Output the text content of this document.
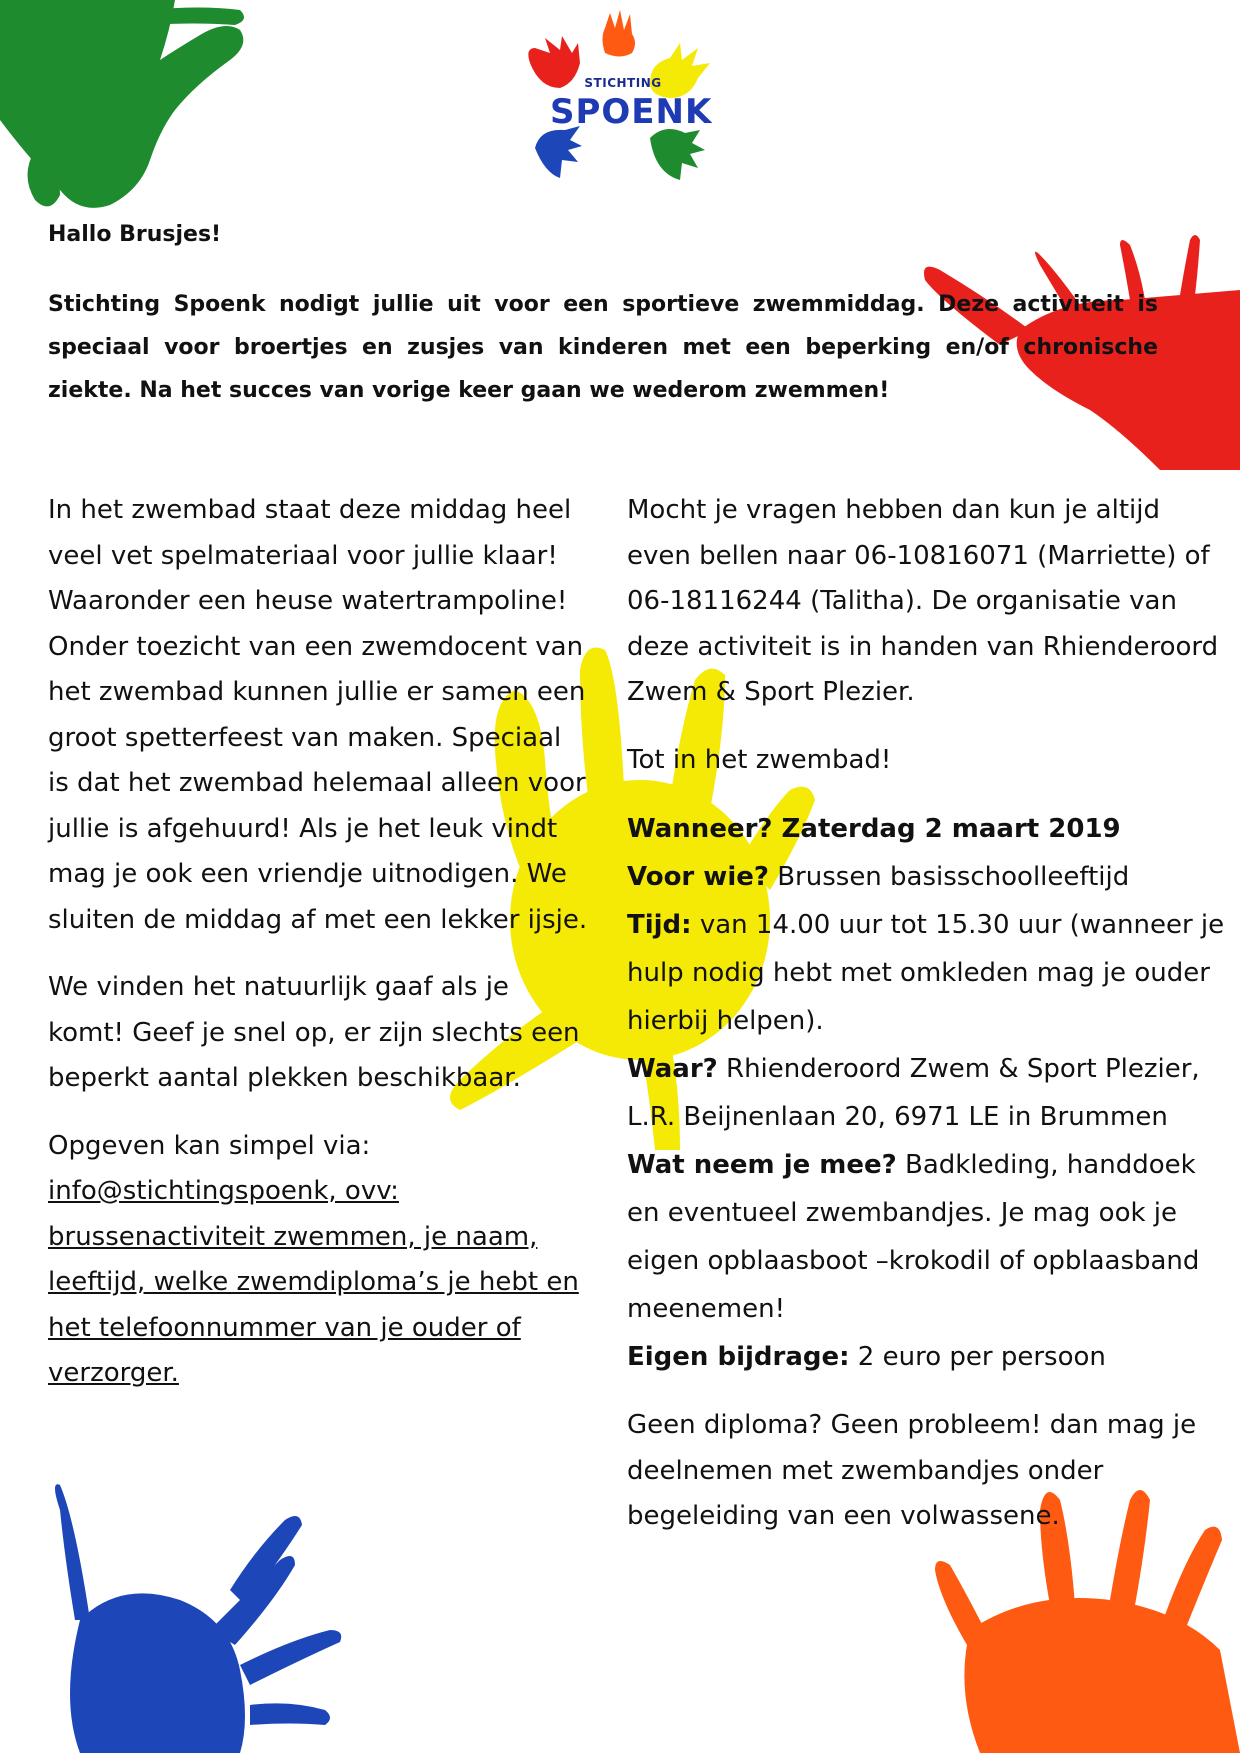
STICHTING
SPOENK
Hallo Brusjes!

Stichting Spoenk nodigt jullie uit voor een sportieve zwemmiddag. Deze activiteit is speciaal voor broertjes en zusjes van kinderen met een beperking en/of chronische ziekte. Na het succes van vorige keer gaan we wederom zwemmen!

In het zwembad staat deze middag heel veel vet spelmateriaal voor jullie klaar! Waaronder een heuse watertrampoline! Onder toezicht van een zwemdocent van het zwembad kunnen jullie er samen een groot spetterfeest van maken. Speciaal is dat het zwembad helemaal alleen voor jullie is afgehuurd! Als je het leuk vindt mag je ook een vriendje uitnodigen. We sluiten de middag af met een lekker ijsje.

We vinden het natuurlijk gaaf als je komt! Geef je snel op, er zijn slechts een beperkt aantal plekken beschikbaar.

Opgeven kan simpel via:
info@stichtingspoenk, ovv: brussenactiviteit zwemmen, je naam, leeftijd, welke zwemdiploma’s je hebt en het telefoonnummer van je ouder of verzorger.

Mocht je vragen hebben dan kun je altijd even bellen naar 06-10816071 (Marriette) of 06-18116244 (Talitha). De organisatie van deze activiteit is in handen van Rhienderoord Zwem & Sport Plezier.

Tot in het zwembad!

Wanneer? Zaterdag 2 maart 2019
Voor wie? Brussen basisschoolleeftijd
Tijd: van 14.00 uur tot 15.30 uur (wanneer je hulp nodig hebt met omkleden mag je ouder hierbij helpen).
Waar? Rhienderoord Zwem & Sport Plezier, L.R. Beijnenlaan 20, 6971 LE in Brummen
Wat neem je mee? Badkleding, handdoek en eventueel zwembandjes. Je mag ook je eigen opblaasboot –krokodil of opblaasband meenemen!
Eigen bijdrage: 2 euro per persoon

Geen diploma? Geen probleem! dan mag je deelnemen met zwembandjes onder begeleiding van een volwassene.
